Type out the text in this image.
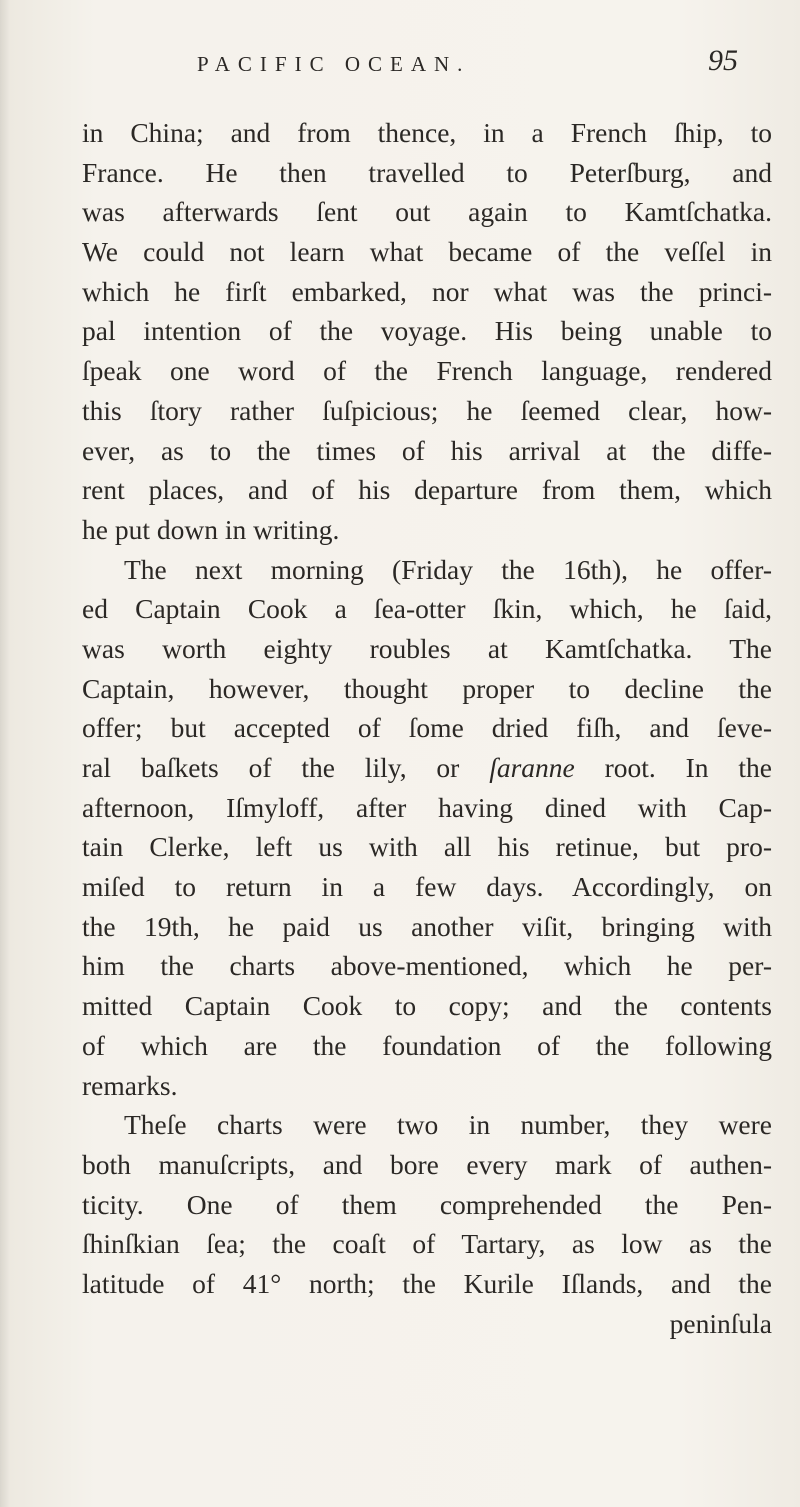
PACIFIC OCEAN.	95
in China; and from thence, in a French ſhip, to
France. He then travelled to Peterſburg, and
was afterwards ſent out again to Kamtſchatka.
We could not learn what became of the veſſel in
which he firſt embarked, nor what was the princi-
pal intention of the voyage. His being unable to
ſpeak one word of the French language, rendered
this ſtory rather ſuſpicious; he ſeemed clear, how-
ever, as to the times of his arrival at the diffe-
rent places, and of his departure from them, which
he put down in writing.
The next morning (Friday the 16th), he offer-
ed Captain Cook a ſea-otter ſkin, which, he ſaid,
was worth eighty roubles at Kamtſchatka. The
Captain, however, thought proper to decline the
offer; but accepted of ſome dried fiſh, and ſeve-
ral baſkets of the lily, or ſaranne root. In the
afternoon, Iſmyloff, after having dined with Cap-
tain Clerke, left us with all his retinue, but pro-
miſed to return in a few days. Accordingly, on
the 19th, he paid us another viſit, bringing with
him the charts above-mentioned, which he per-
mitted Captain Cook to copy; and the contents
of which are the foundation of the following
remarks.
Theſe charts were two in number, they were
both manuſcripts, and bore every mark of authen-
ticity. One of them comprehended the Pen-
ſhinſkian ſea; the coaſt of Tartary, as low as the
latitude of 41° north; the Kurile Iſlands, and the
peninſula
